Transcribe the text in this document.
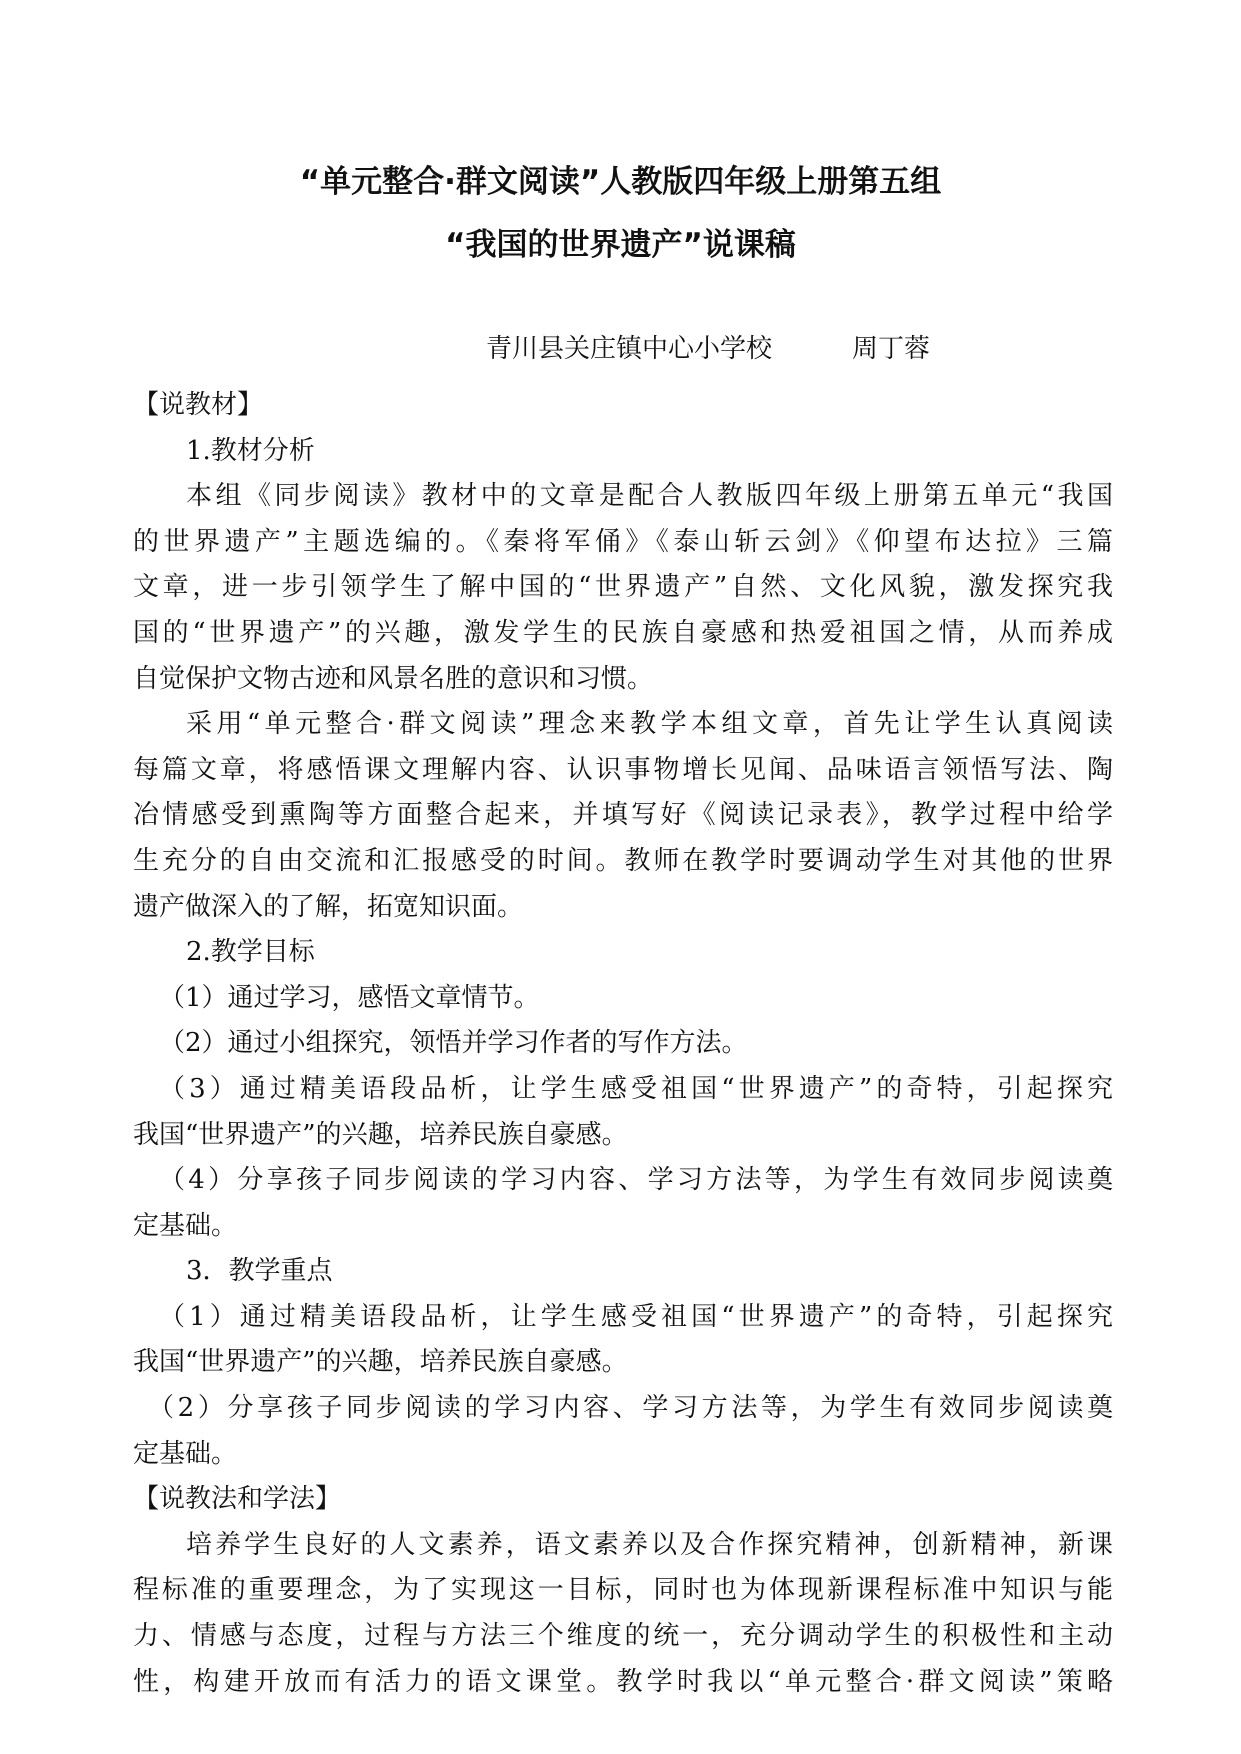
“单元整合·群文阅读”人教版四年级上册第五组
“我国的世界遗产”说课稿
青川县关庄镇中心小学校	周丁蓉
【说教材】
1.教材分析
本组《同步阅读》教材中的文章是配合人教版四年级上册第五单元“我国
的世界遗产”主题选编的。《秦将军俑》《泰山斩云剑》《仰望布达拉》三篇
文章，进一步引领学生了解中国的“世界遗产”自然、文化风貌，激发探究我
国的“世界遗产”的兴趣，激发学生的民族自豪感和热爱祖国之情，从而养成
自觉保护文物古迹和风景名胜的意识和习惯。
采用“单元整合·群文阅读”理念来教学本组文章，首先让学生认真阅读
每篇文章，将感悟课文理解内容、认识事物增长见闻、品味语言领悟写法、陶
冶情感受到熏陶等方面整合起来，并填写好《阅读记录表》，教学过程中给学
生充分的自由交流和汇报感受的时间。教师在教学时要调动学生对其他的世界
遗产做深入的了解，拓宽知识面。
2.教学目标
（1）通过学习，感悟文章情节。
（2）通过小组探究，领悟并学习作者的写作方法。
（3）通过精美语段品析，让学生感受祖国“世界遗产”的奇特，引起探究
我国“世界遗产”的兴趣，培养民族自豪感。
（4）分享孩子同步阅读的学习内容、学习方法等，为学生有效同步阅读奠
定基础。
3．教学重点
（1）通过精美语段品析，让学生感受祖国“世界遗产”的奇特，引起探究
我国“世界遗产”的兴趣，培养民族自豪感。
（2）分享孩子同步阅读的学习内容、学习方法等，为学生有效同步阅读奠
定基础。
【说教法和学法】
培养学生良好的人文素养，语文素养以及合作探究精神，创新精神，新课
程标准的重要理念，为了实现这一目标，同时也为体现新课程标准中知识与能
力、情感与态度，过程与方法三个维度的统一，充分调动学生的积极性和主动
性，构建开放而有活力的语文课堂。教学时我以“单元整合·群文阅读”策略
